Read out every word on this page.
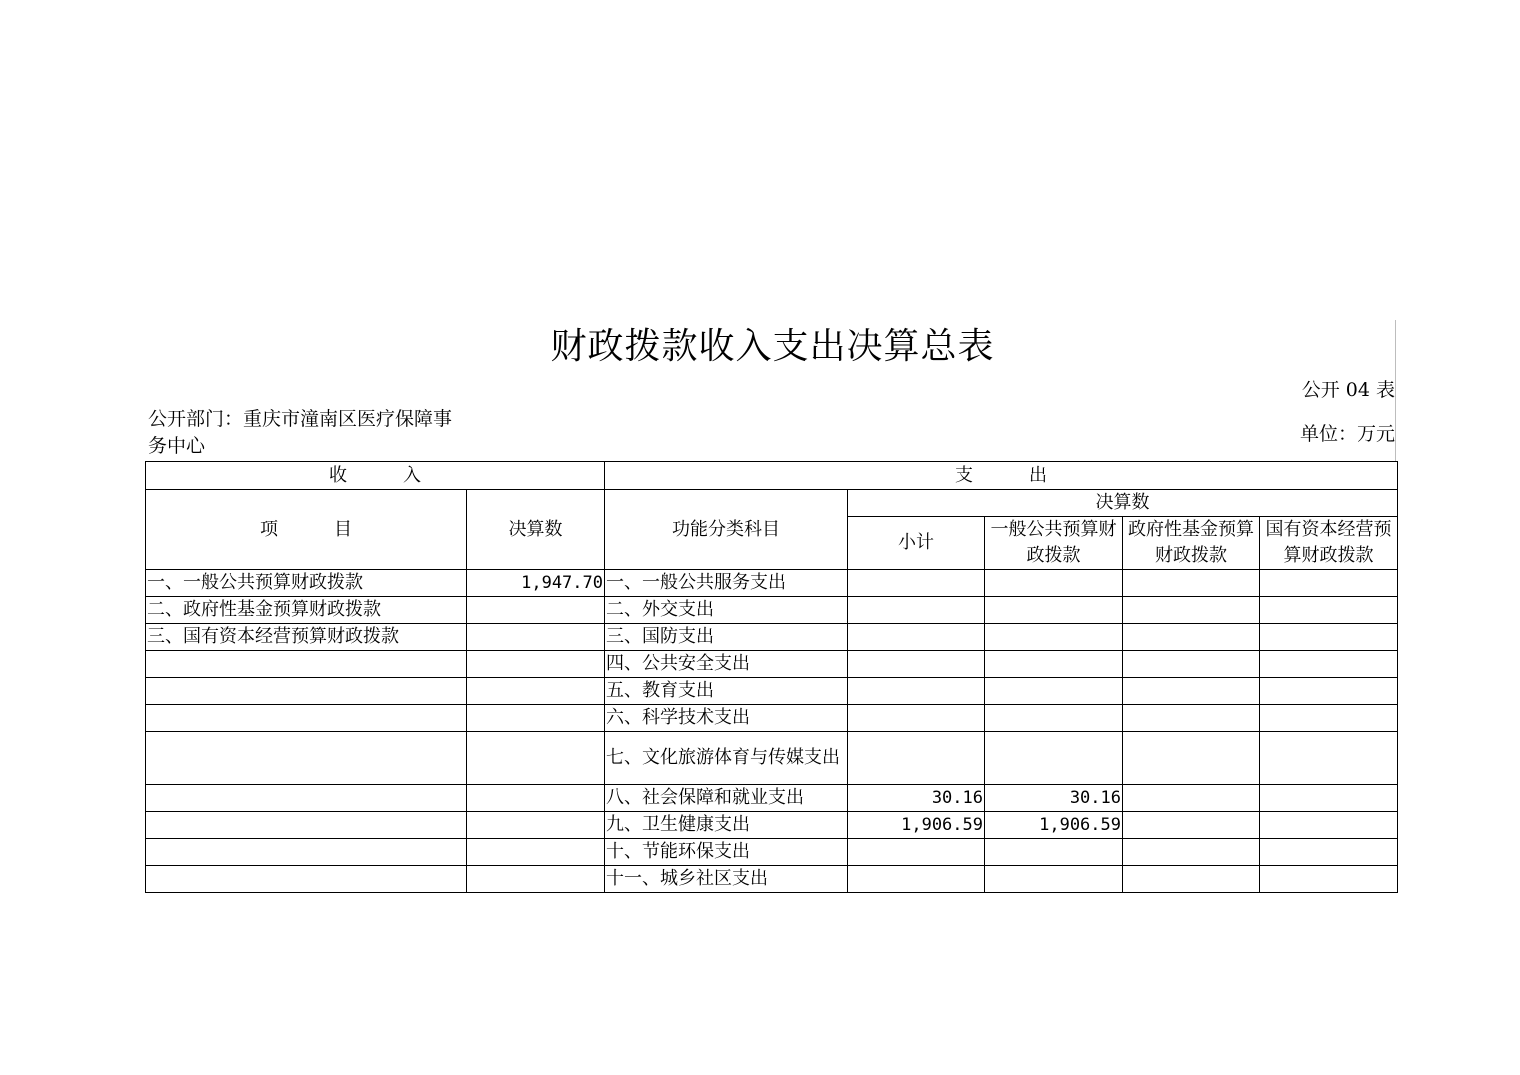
财政拨款收入支出决算总表
公开 04 表
公开部门：重庆市潼南区医疗保障事务中心
单位：万元
收 入		支 出				
项 目	决算数	功能分类科目	决算数			
			小计	一般公共预算财政拨款	政府性基金预算财政拨款	国有资本经营预算财政拨款
一、一般公共预算财政拨款	1,947.70	一、一般公共服务支出				
二、政府性基金预算财政拨款		二、外交支出				
三、国有资本经营预算财政拨款		三、国防支出				
		四、公共安全支出				
		五、教育支出				
		六、科学技术支出				
		七、文化旅游体育与传媒支出				
		八、社会保障和就业支出	30.16	30.16		
		九、卫生健康支出	1,906.59	1,906.59		
		十、节能环保支出				
		十一、城乡社区支出				
